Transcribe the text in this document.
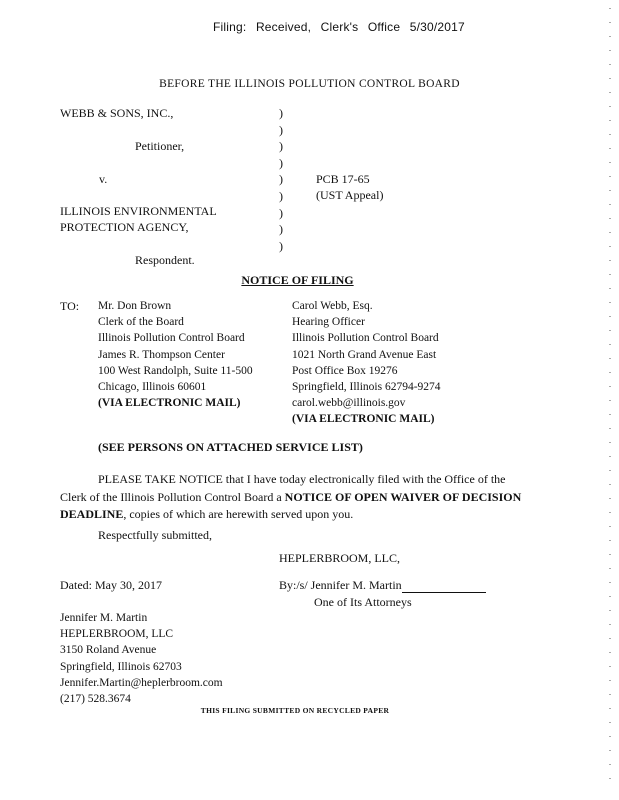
Filing: Received, Clerk's Office 5/30/2017
BEFORE THE ILLINOIS POLLUTION CONTROL BOARD
WEBB & SONS, INC.,
Petitioner,
v.
ILLINOIS ENVIRONMENTAL
PROTECTION AGENCY,
Respondent.
)
)
)
)
)
)
)
)
)
PCB 17-65
(UST Appeal)
NOTICE OF FILING
TO: Mr. Don Brown
Clerk of the Board
Illinois Pollution Control Board
James R. Thompson Center
100 West Randolph, Suite 11-500
Chicago, Illinois 60601
(VIA ELECTRONIC MAIL)
Carol Webb, Esq.
Hearing Officer
Illinois Pollution Control Board
1021 North Grand Avenue East
Post Office Box 19276
Springfield, Illinois 62794-9274
carol.webb@illinois.gov
(VIA ELECTRONIC MAIL)
(SEE PERSONS ON ATTACHED SERVICE LIST)
PLEASE TAKE NOTICE that I have today electronically filed with the Office of the Clerk of the Illinois Pollution Control Board a NOTICE OF OPEN WAIVER OF DECISION DEADLINE, copies of which are herewith served upon you.
Respectfully submitted,
HEPLERBROOM, LLC,
Dated: May 30, 2017	By:/s/ Jennifer M. Martin
One of Its Attorneys
Jennifer M. Martin
HEPLERBROOM, LLC
3150 Roland Avenue
Springfield, Illinois 62703
Jennifer.Martin@heplerbroom.com
(217) 528.3674
THIS FILING SUBMITTED ON RECYCLED PAPER
